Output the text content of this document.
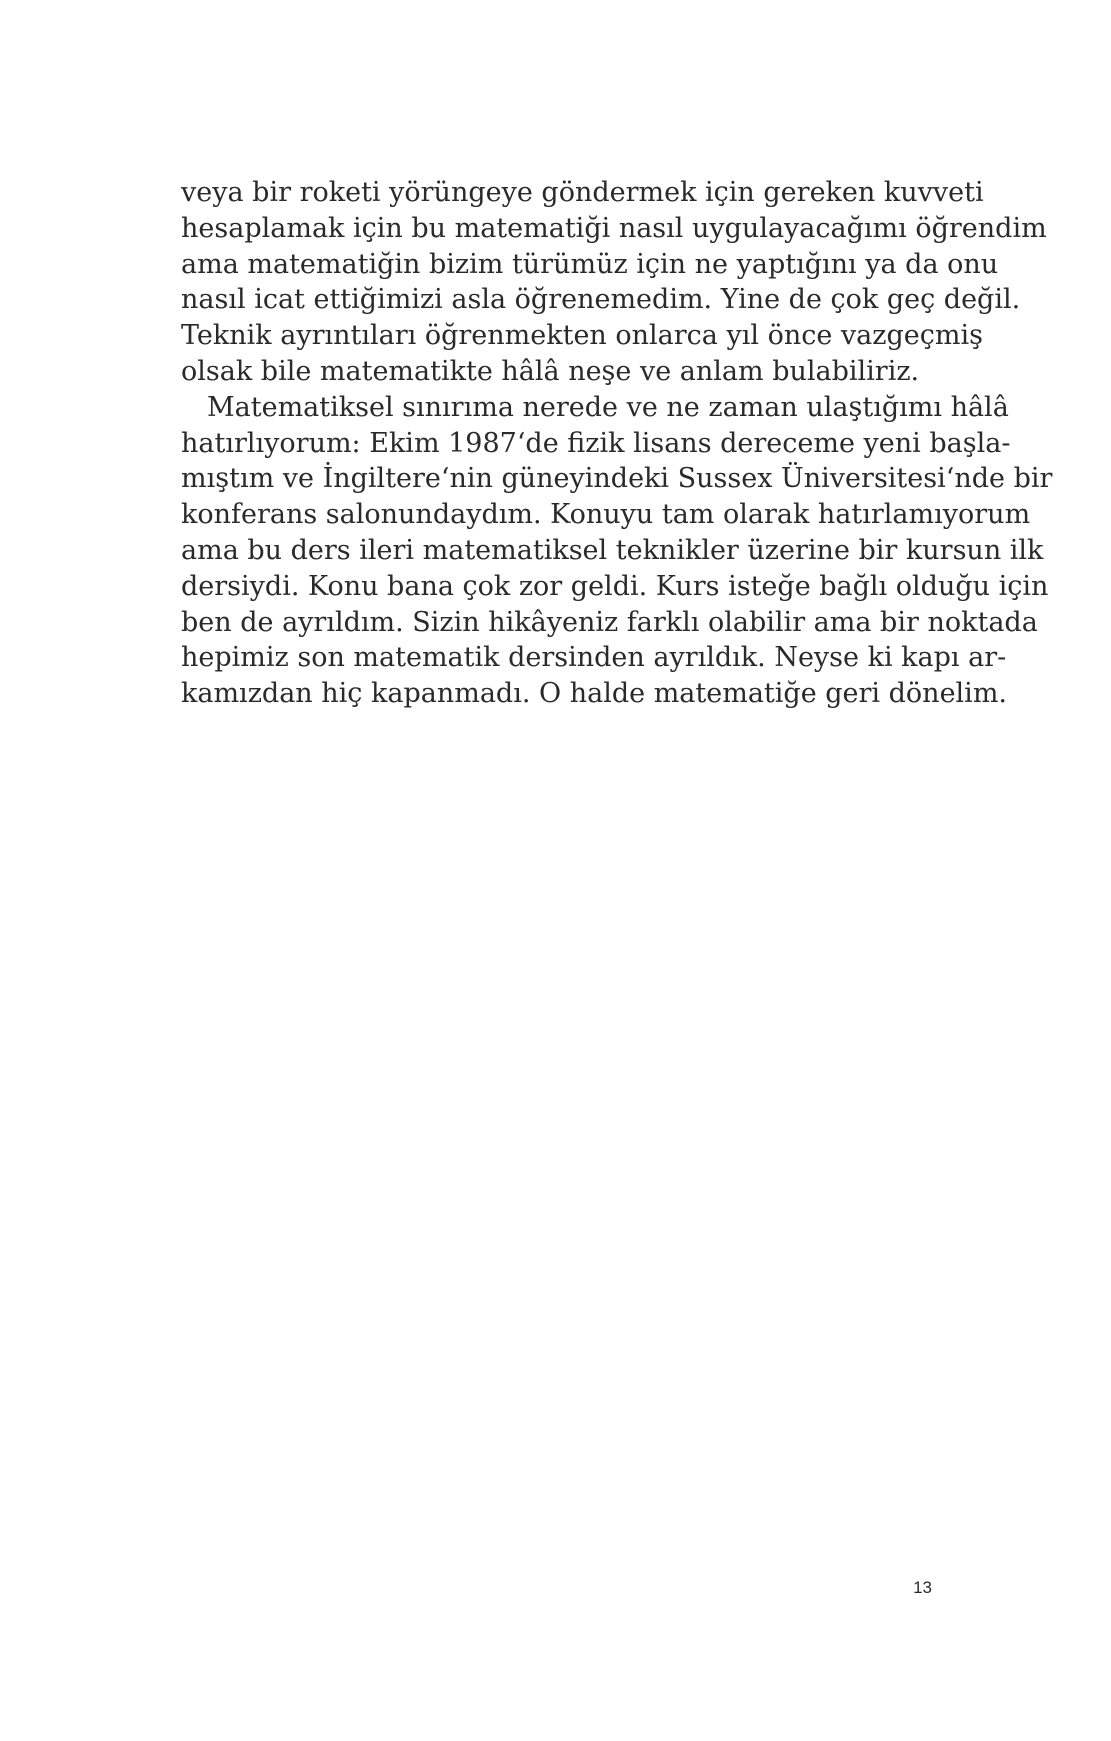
veya bir roketi yörüngeye göndermek için gereken kuvveti
hesaplamak için bu matematiği nasıl uygulayacağımı öğrendim
ama matematiğin bizim türümüz için ne yaptığını ya da onu
nasıl icat ettiğimizi asla öğrenemedim. Yine de çok geç değil.
Teknik ayrıntıları öğrenmekten onlarca yıl önce vazgeçmiş
olsak bile matematikte hâlâ neşe ve anlam bulabiliriz.
Matematiksel sınırıma nerede ve ne zaman ulaştığımı hâlâ
hatırlıyorum: Ekim 1987‘de fizik lisans dereceme yeni başla-
mıştım ve İngiltere‘nin güneyindeki Sussex Üniversitesi‘nde bir
konferans salonundaydım. Konuyu tam olarak hatırlamıyorum
ama bu ders ileri matematiksel teknikler üzerine bir kursun ilk
dersiydi. Konu bana çok zor geldi. Kurs isteğe bağlı olduğu için
ben de ayrıldım. Sizin hikâyeniz farklı olabilir ama bir noktada
hepimiz son matematik dersinden ayrıldık. Neyse ki kapı ar-
kamızdan hiç kapanmadı. O halde matematiğe geri dönelim.
13
